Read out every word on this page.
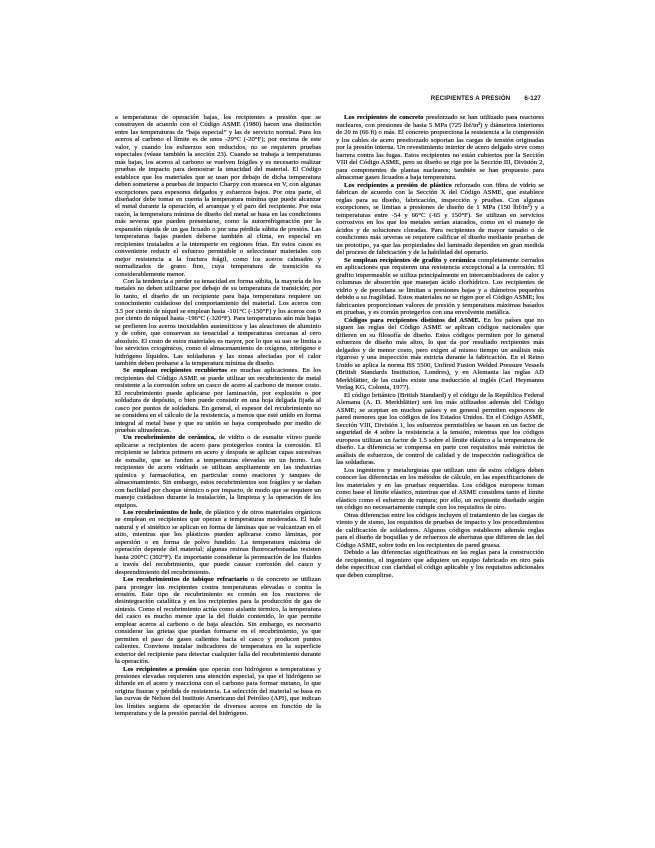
RECIPIENTES A PRESIÓN 6-127

a temperaturas de operación bajas, los recipientes a presión que se construyen de acuerdo con el Código ASME (1980) hacen una distinción entre las temperaturas de “baja especial” y las de servicio normal. Para los aceros al carbono el límite es de unos -29°C (-20°F); por encima de este valor, y cuando los esfuerzos son reducidos, no se requieren pruebas especiales (véase también la sección 23). Cuando se trabaja a temperaturas más bajas, los aceros al carbono se vuelven frágiles y es necesario realizar pruebas de impacto para demostrar la tenacidad del material. El Código establece que los materiales que se usan por debajo de dicha temperatura deben someterse a pruebas de impacto Charpy con muesca en V, con algunas excepciones para espesores delgados y esfuerzos bajos. Por otra parte, el diseñador debe tomar en cuenta la temperatura mínima que puede alcanzar el metal durante la operación, el arranque y el paro del recipiente. Por esta razón, la temperatura mínima de diseño del metal se basa en las condiciones más severas que pueden presentarse, como la autorrefrigeración por la expansión rápida de un gas licuado o por una pérdida súbita de presión. Las temperaturas bajas pueden deberse también al clima, en especial en recipientes instalados a la intemperie en regiones frías. En estos casos es conveniente reducir el esfuerzo permisible o seleccionar materiales con mejor resistencia a la fractura frágil, como los aceros calmados y normalizados de grano fino, cuya temperatura de transición es considerablemente menor.

Con la tendencia a perder su tenacidad en forma súbita, la mayoría de los metales no deben utilizarse por debajo de su temperatura de transición; por lo tanto, el diseño de un recipiente para baja temperatura requiere un conocimiento cuidadoso del comportamiento del material. Los aceros con 3.5 por ciento de níquel se emplean hasta -101°C (-150°F) y los aceros con 9 por ciento de níquel hasta -196°C (-320°F). Para temperaturas aún más bajas se prefieren los aceros inoxidables austeníticos y las aleaciones de aluminio y de cobre, que conservan su tenacidad a temperaturas cercanas al cero absoluto. El costo de estos materiales es mayor, por lo que su uso se limita a los servicios criogénicos, como el almacenamiento de oxígeno, nitrógeno e hidrógeno líquidos. Las soldaduras y las zonas afectadas por el calor también deben probarse a la temperatura mínima de diseño.

Se emplean recipientes recubiertos en muchas aplicaciones. En los recipientes del Código ASME se puede utilizar un recubrimiento de metal resistente a la corrosión sobre un casco de acero al carbono de menor costo. El recubrimiento puede aplicarse por laminación, por explosión o por soldadura de depósito, o bien puede consistir en una hoja delgada fijada al casco por puntos de soldadura. En general, el espesor del recubrimiento no se considera en el cálculo de la resistencia, a menos que esté unido en forma integral al metal base y que su unión se haya comprobado por medio de pruebas ultrasónicas.

Un recubrimiento de cerámica, de vidrio o de esmalte vítreo puede aplicarse a recipientes de acero para protegerlos contra la corrosión. El recipiente se fabrica primero en acero y después se aplican capas sucesivas de esmalte, que se funden a temperaturas elevadas en un horno. Los recipientes de acero vidriado se utilizan ampliamente en las industrias química y farmacéutica, en particular como reactores y tanques de almacenamiento. Sin embargo, estos recubrimientos son frágiles y se dañan con facilidad por choque térmico o por impacto, de modo que se requiere un manejo cuidadoso durante la instalación, la limpieza y la operación de los equipos.

Los recubrimientos de hule, de plástico y de otros materiales orgánicos se emplean en recipientes que operan a temperaturas moderadas. El hule natural y el sintético se aplican en forma de láminas que se vulcanizan en el sitio, mientras que los plásticos pueden aplicarse como láminas, por aspersión o en forma de polvo fundido. La temperatura máxima de operación depende del material; algunas resinas fluorocarbonadas resisten hasta 200°C (392°F). Es importante considerar la permeación de los fluidos a través del recubrimiento, que puede causar corrosión del casco y desprendimiento del recubrimiento.

Los recubrimientos de tabique refractario o de concreto se utilizan para proteger los recipientes contra temperaturas elevadas o contra la erosión. Este tipo de recubrimiento es común en los reactores de desintegración catalítica y en los recipientes para la producción de gas de síntesis. Como el recubrimiento actúa como aislante térmico, la temperatura del casco es mucho menor que la del fluido contenido, lo que permite emplear aceros al carbono o de baja aleación. Sin embargo, es necesario considerar las grietas que puedan formarse en el recubrimiento, ya que permiten el paso de gases calientes hacia el casco y producen puntos calientes. Conviene instalar indicadores de temperatura en la superficie exterior del recipiente para detectar cualquier falla del recubrimiento durante la operación.

Los recipientes a presión que operan con hidrógeno a temperaturas y presiones elevadas requieren una atención especial, ya que el hidrógeno se difunde en el acero y reacciona con el carbono para formar metano, lo que origina fisuras y pérdida de resistencia. La selección del material se basa en las curvas de Nelson del Instituto Americano del Petróleo (API), que indican los límites seguros de operación de diversos aceros en función de la temperatura y de la presión parcial del hidrógeno.

Los recipientes de concreto presforzado se han utilizado para reactores nucleares, con presiones de hasta 5 MPa (725 lbf/in²) y diámetros interiores de 20 m (66 ft) o más. El concreto proporciona la resistencia a la compresión y los cables de acero presforzado soportan las cargas de tensión originadas por la presión interna. Un revestimiento interior de acero delgado sirve como barrera contra las fugas. Estos recipientes no están cubiertos por la Sección VIII del Código ASME, pero su diseño se rige por la Sección III, División 2, para componentes de plantas nucleares; también se han propuesto para almacenar gases licuados a baja temperatura.

Los recipientes a presión de plástico reforzado con fibra de vidrio se fabrican de acuerdo con la Sección X del Código ASME, que establece reglas para su diseño, fabricación, inspección y pruebas. Con algunas excepciones, se limitan a presiones de diseño de 1 MPa (150 lbf/in²) y a temperaturas entre -54 y 66°C (-65 y 150°F). Se utilizan en servicios corrosivos en los que los metales serían atacados, como en el manejo de ácidos y de soluciones cloradas. Para recipientes de mayor tamaño o de condiciones más severas se requiere calificar el diseño mediante pruebas de un prototipo, ya que las propiedades del laminado dependen en gran medida del proceso de fabricación y de la habilidad del operario.

Se emplean recipientes de grafito y cerámica completamente cerrados en aplicaciones que requieren una resistencia excepcional a la corrosión. El grafito impermeable se utiliza principalmente en intercambiadores de calor y columnas de absorción que manejan ácido clorhídrico. Los recipientes de vidrio y de porcelana se limitan a presiones bajas y a diámetros pequeños debido a su fragilidad. Estos materiales no se rigen por el Código ASME; los fabricantes proporcionan valores de presión y temperatura máximas basados en pruebas, y es común protegerlos con una envolvente metálica.

Códigos para recipientes distintos del ASME. En los países que no siguen las reglas del Código ASME se aplican códigos nacionales que difieren en su filosofía de diseño. Estos códigos permiten por lo general esfuerzos de diseño más altos, lo que da por resultado recipientes más delgados y de menor costo, pero exigen al mismo tiempo un análisis más riguroso y una inspección más estricta durante la fabricación. En el Reino Unido se aplica la norma BS 5500, Unfired Fusion Welded Pressure Vessels (British Standards Institution, Londres), y en Alemania las reglas AD Merkblätter, de las cuales existe una traducción al inglés (Carl Heymanns Verlag KG, Colonia, 1977).

El código británico (British Standard) y el código de la República Federal Alemana (A. D. Merkblätter) son los más utilizados además del Código ASME; se aceptan en muchos países y en general permiten espesores de pared menores que los códigos de los Estados Unidos. En el Código ASME, Sección VIII, División 1, los esfuerzos permisibles se basan en un factor de seguridad de 4 sobre la resistencia a la tensión, mientras que los códigos europeos utilizan un factor de 1.5 sobre el límite elástico a la temperatura de diseño. La diferencia se compensa en parte con requisitos más estrictos de análisis de esfuerzos, de control de calidad y de inspección radiográfica de las soldaduras.

Los ingenieros y metalurgistas que utilizan uno de estos códigos deben conocer las diferencias en los métodos de cálculo, en las especificaciones de los materiales y en las pruebas requeridas. Los códigos europeos toman como base el límite elástico, mientras que el ASME considera tanto el límite elástico como el esfuerzo de ruptura; por ello, un recipiente diseñado según un código no necesariamente cumple con los requisitos de otro.

Otras diferencias entre los códigos incluyen el tratamiento de las cargas de viento y de sismo, los requisitos de pruebas de impacto y los procedimientos de calificación de soldadores. Algunos códigos establecen además reglas para el diseño de boquillas y de refuerzos de aberturas que difieren de las del Código ASME, sobre todo en los recipientes de pared gruesa.

Debido a las diferencias significativas en las reglas para la construcción de recipientes, el ingeniero que adquiere un equipo fabricado en otro país debe especificar con claridad el código aplicable y los requisitos adicionales que deben cumplirse.
